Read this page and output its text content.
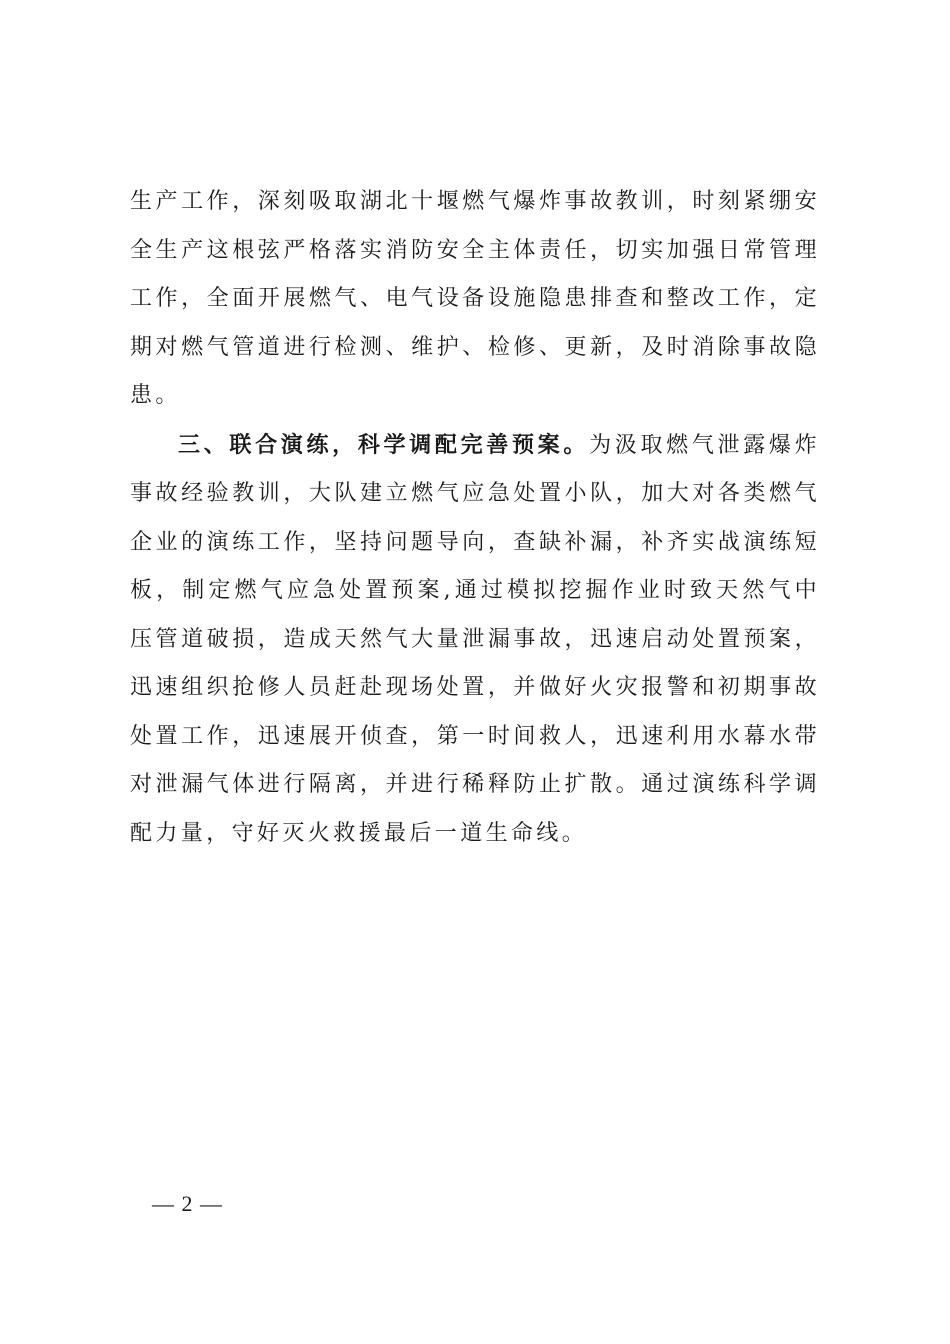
生产工作，深刻吸取湖北十堰燃气爆炸事故教训，时刻紧绷安全生产这根弦严格落实消防安全主体责任，切实加强日常管理工作，全面开展燃气、电气设备设施隐患排查和整改工作，定期对燃气管道进行检测、维护、检修、更新，及时消除事故隐患。

三、联合演练，科学调配完善预案。为汲取燃气泄露爆炸事故经验教训，大队建立燃气应急处置小队，加大对各类燃气企业的演练工作，坚持问题导向，查缺补漏，补齐实战演练短板，制定燃气应急处置预案,通过模拟挖掘作业时致天然气中压管道破损，造成天然气大量泄漏事故，迅速启动处置预案，迅速组织抢修人员赶赴现场处置，并做好火灾报警和初期事故处置工作，迅速展开侦查，第一时间救人，迅速利用水幕水带对泄漏气体进行隔离，并进行稀释防止扩散。通过演练科学调配力量，守好灭火救援最后一道生命线。

— 2 —
